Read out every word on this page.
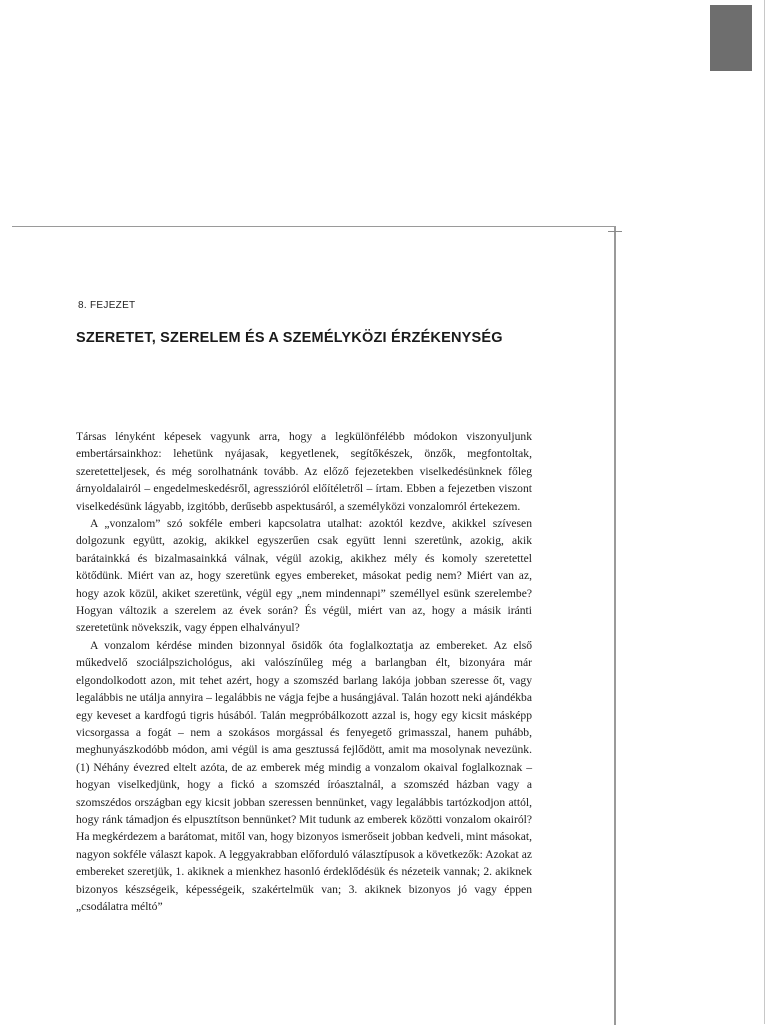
8. FEJEZET
SZERETET, SZERELEM ÉS A SZEMÉLYKÖZI ÉRZÉKENYSÉG

Társas lényként képesek vagyunk arra, hogy a legkülönfélébb módokon viszonyuljunk embertársainkhoz: lehetünk nyájasak, kegyetlenek, segítőkészek, önzők, megfontoltak, szeretetteljesek, és még sorolhatnánk tovább. Az előző fejezetekben viselkedésünknek főleg árnyoldalairól – engedelmeskedésről, agresszióról előítéletről – írtam. Ebben a fejezetben viszont viselkedésünk lágyabb, izgitóbb, derűsebb aspektusáról, a személyközi vonzalomról értekezem.

A „vonzalom” szó sokféle emberi kapcsolatra utalhat: azoktól kezdve, akikkel szívesen dolgozunk együtt, azokig, akikkel egyszerűen csak együtt lenni szeretünk, azokig, akik barátainkká és bizalmasainkká válnak, végül azokig, akikhez mély és komoly szeretettel kötődünk. Miért van az, hogy szeretünk egyes embereket, másokat pedig nem? Miért van az, hogy azok közül, akiket szeretünk, végül egy „nem mindennapi” személlyel esünk szerelembe? Hogyan változik a szerelem az évek során? És végül, miért van az, hogy a másik iránti szeretetünk növekszik, vagy éppen elhalványul?

A vonzalom kérdése minden bizonnyal ősidők óta foglalkoztatja az embereket. Az első műkedvelő szociálpszichológus, aki valószínűleg még a barlangban élt, bizonyára már elgondolkodott azon, mit tehet azért, hogy a szomszéd barlang lakója jobban szeresse őt, vagy legalábbis ne utálja annyira – legalábbis ne vágja fejbe a husángjával. Talán hozott neki ajándékba egy keveset a kardfogú tigris húsából. Talán megpróbálkozott azzal is, hogy egy kicsit másképp vicsorgassa a fogát – nem a szokásos morgással és fenyegető grimasszal, hanem puhább, meghunyászkodóbb módon, ami végül is ama gesztussá fejlődött, amit ma mosolynak nevezünk. (1) Néhány évezred eltelt azóta, de az emberek még mindig a vonzalom okaival foglalkoznak – hogyan viselkedjünk, hogy a fickó a szomszéd íróasztalnál, a szomszéd házban vagy a szomszédos országban egy kicsit jobban szeressen bennünket, vagy legalábbis tartózkodjon attól, hogy ránk támadjon és elpusztítson bennünket? Mit tudunk az emberek közötti vonzalom okairól? Ha megkérdezem a barátomat, mitől van, hogy bizonyos ismerőseit jobban kedveli, mint másokat, nagyon sokféle választ kapok. A leggyakrabban előforduló választípusok a következők: Azokat az embereket szeretjük, 1. akiknek a mienkhez hasonló érdeklődésük és nézeteik vannak; 2. akiknek bizonyos készségeik, képességeik, szakértelmük van; 3. akiknek bizonyos jó vagy éppen „csodálatra méltó”
